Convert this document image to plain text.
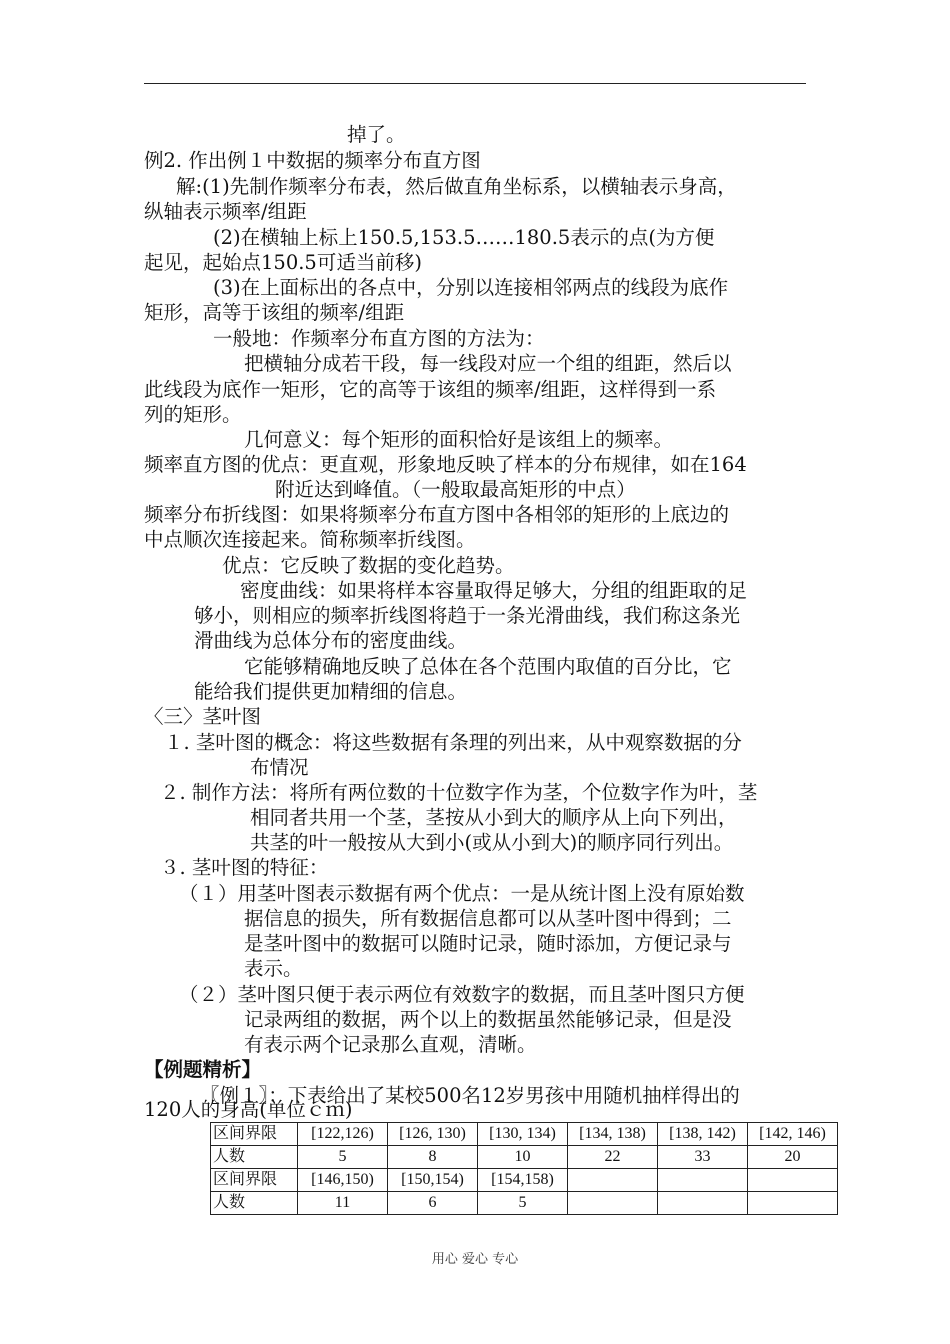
掉了。
例2. 作出例１中数据的频率分布直方图
解:(1)先制作频率分布表，然后做直角坐标系，以横轴表示身高，
纵轴表示频率/组距
(2)在横轴上标上150.5,153.5‥‥‥180.5表示的点(为方便
起见，起始点150.5可适当前移)
(3)在上面标出的各点中，分别以连接相邻两点的线段为底作
矩形，高等于该组的频率/组距
一般地：作频率分布直方图的方法为：
把横轴分成若干段，每一线段对应一个组的组距，然后以
此线段为底作一矩形，它的高等于该组的频率/组距，这样得到一系
列的矩形。
几何意义：每个矩形的面积恰好是该组上的频率。
频率直方图的优点：更直观，形象地反映了样本的分布规律，如在164
附近达到峰值。（一般取最高矩形的中点）
频率分布折线图：如果将频率分布直方图中各相邻的矩形的上底边的
中点顺次连接起来。简称频率折线图。
优点：它反映了数据的变化趋势。
密度曲线：如果将样本容量取得足够大，分组的组距取的足
够小，则相应的频率折线图将趋于一条光滑曲线，我们称这条光
滑曲线为总体分布的密度曲线。
它能够精确地反映了总体在各个范围内取值的百分比，它
能给我们提供更加精细的信息。
〈三〉茎叶图
１. 茎叶图的概念：将这些数据有条理的列出来，从中观察数据的分
布情况
２. 制作方法：将所有两位数的十位数字作为茎，个位数字作为叶，茎
相同者共用一个茎，茎按从小到大的顺序从上向下列出，
共茎的叶一般按从大到小(或从小到大)的顺序同行列出。
３. 茎叶图的特征：
（１）用茎叶图表示数据有两个优点：一是从统计图上没有原始数
据信息的损失，所有数据信息都可以从茎叶图中得到；二
是茎叶图中的数据可以随时记录，随时添加，方便记录与
表示。
（２）茎叶图只便于表示两位有效数字的数据，而且茎叶图只方便
记录两组的数据，两个以上的数据虽然能够记录，但是没
有表示两个记录那么直观，清晰。
【例题精析】
〖例１〗：下表给出了某校500名12岁男孩中用随机抽样得出的
120人的身高(单位ｃｍ)
区间界限	[122,126)	[126, 130)	[130, 134)	[134, 138)	[138, 142)	[142, 146)
人数	5	8	10	22	33	20
区间界限	[146,150)	[150,154)	[154,158)			
人数	11	6	5			
用心 爱心 专心
